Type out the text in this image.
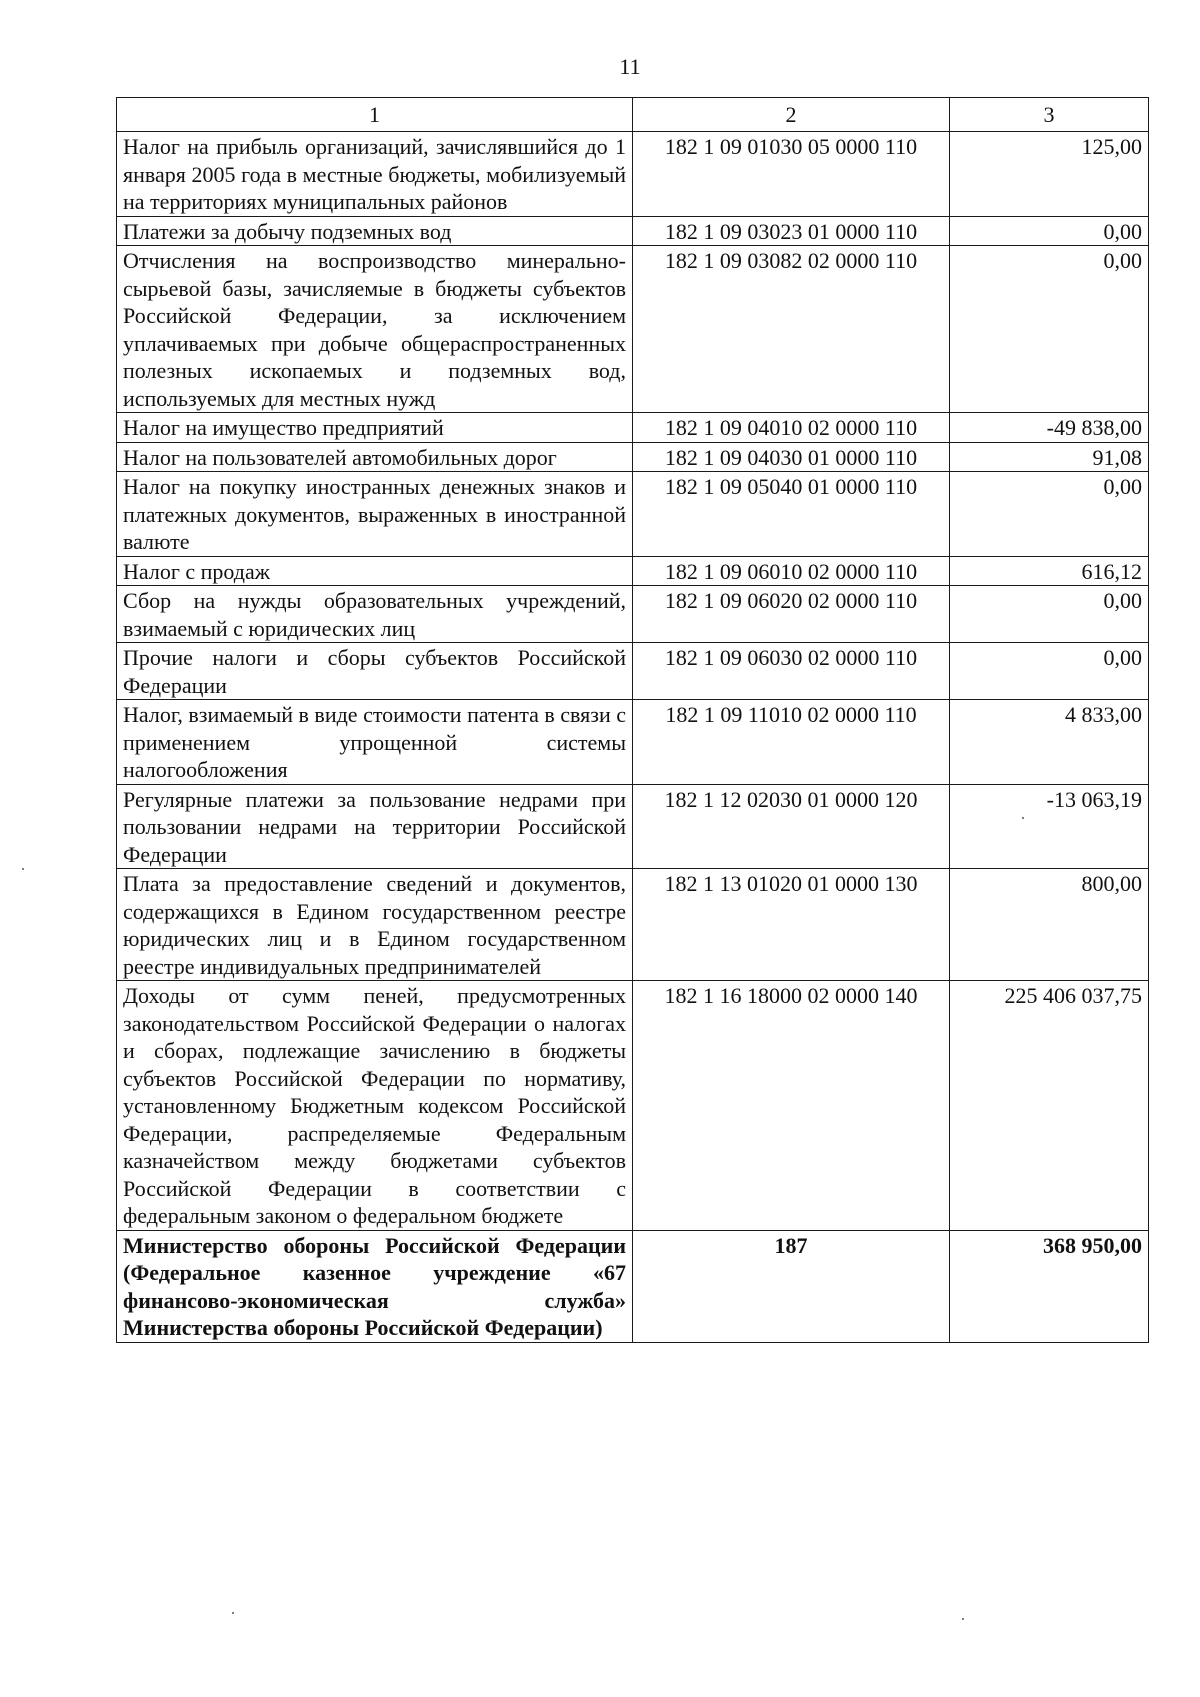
11
1	2	3
Налог на прибыль организаций, зачислявшийся до 1 января 2005 года в местные бюджеты, мобилизуемый на территориях муниципальных районов	182 1 09 01030 05 0000 110	125,00
Платежи за добычу подземных вод	182 1 09 03023 01 0000 110	0,00
Отчисления на воспроизводство минерально-сырьевой базы, зачисляемые в бюджеты субъектов Российской Федерации, за исключением уплачиваемых при добыче общераспространенных полезных ископаемых и подземных вод, используемых для местных нужд	182 1 09 03082 02 0000 110	0,00
Налог на имущество предприятий	182 1 09 04010 02 0000 110	-49 838,00
Налог на пользователей автомобильных дорог	182 1 09 04030 01 0000 110	91,08
Налог на покупку иностранных денежных знаков и платежных документов, выраженных в иностранной валюте	182 1 09 05040 01 0000 110	0,00
Налог с продаж	182 1 09 06010 02 0000 110	616,12
Сбор на нужды образовательных учреждений, взимаемый с юридических лиц	182 1 09 06020 02 0000 110	0,00
Прочие налоги и сборы субъектов Российской Федерации	182 1 09 06030 02 0000 110	0,00
Налог, взимаемый в виде стоимости патента в связи с применением упрощенной системы налогообложения	182 1 09 11010 02 0000 110	4 833,00
Регулярные платежи за пользование недрами при пользовании недрами на территории Российской Федерации	182 1 12 02030 01 0000 120	-13 063,19
Плата за предоставление сведений и документов, содержащихся в Едином государственном реестре юридических лиц и в Едином государственном реестре индивидуальных предпринимателей	182 1 13 01020 01 0000 130	800,00
Доходы от сумм пеней, предусмотренных законодательством Российской Федерации о налогах и сборах, подлежащие зачислению в бюджеты субъектов Российской Федерации по нормативу, установленному Бюджетным кодексом Российской Федерации, распределяемые Федеральным казначейством между бюджетами субъектов Российской Федерации в соответствии с федеральным законом о федеральном бюджете	182 1 16 18000 02 0000 140	225 406 037,75
Министерство обороны Российской Федерации (Федеральное казенное учреждение «67 финансово-экономическая служба» Министерства обороны Российской Федерации)	187	368 950,00
